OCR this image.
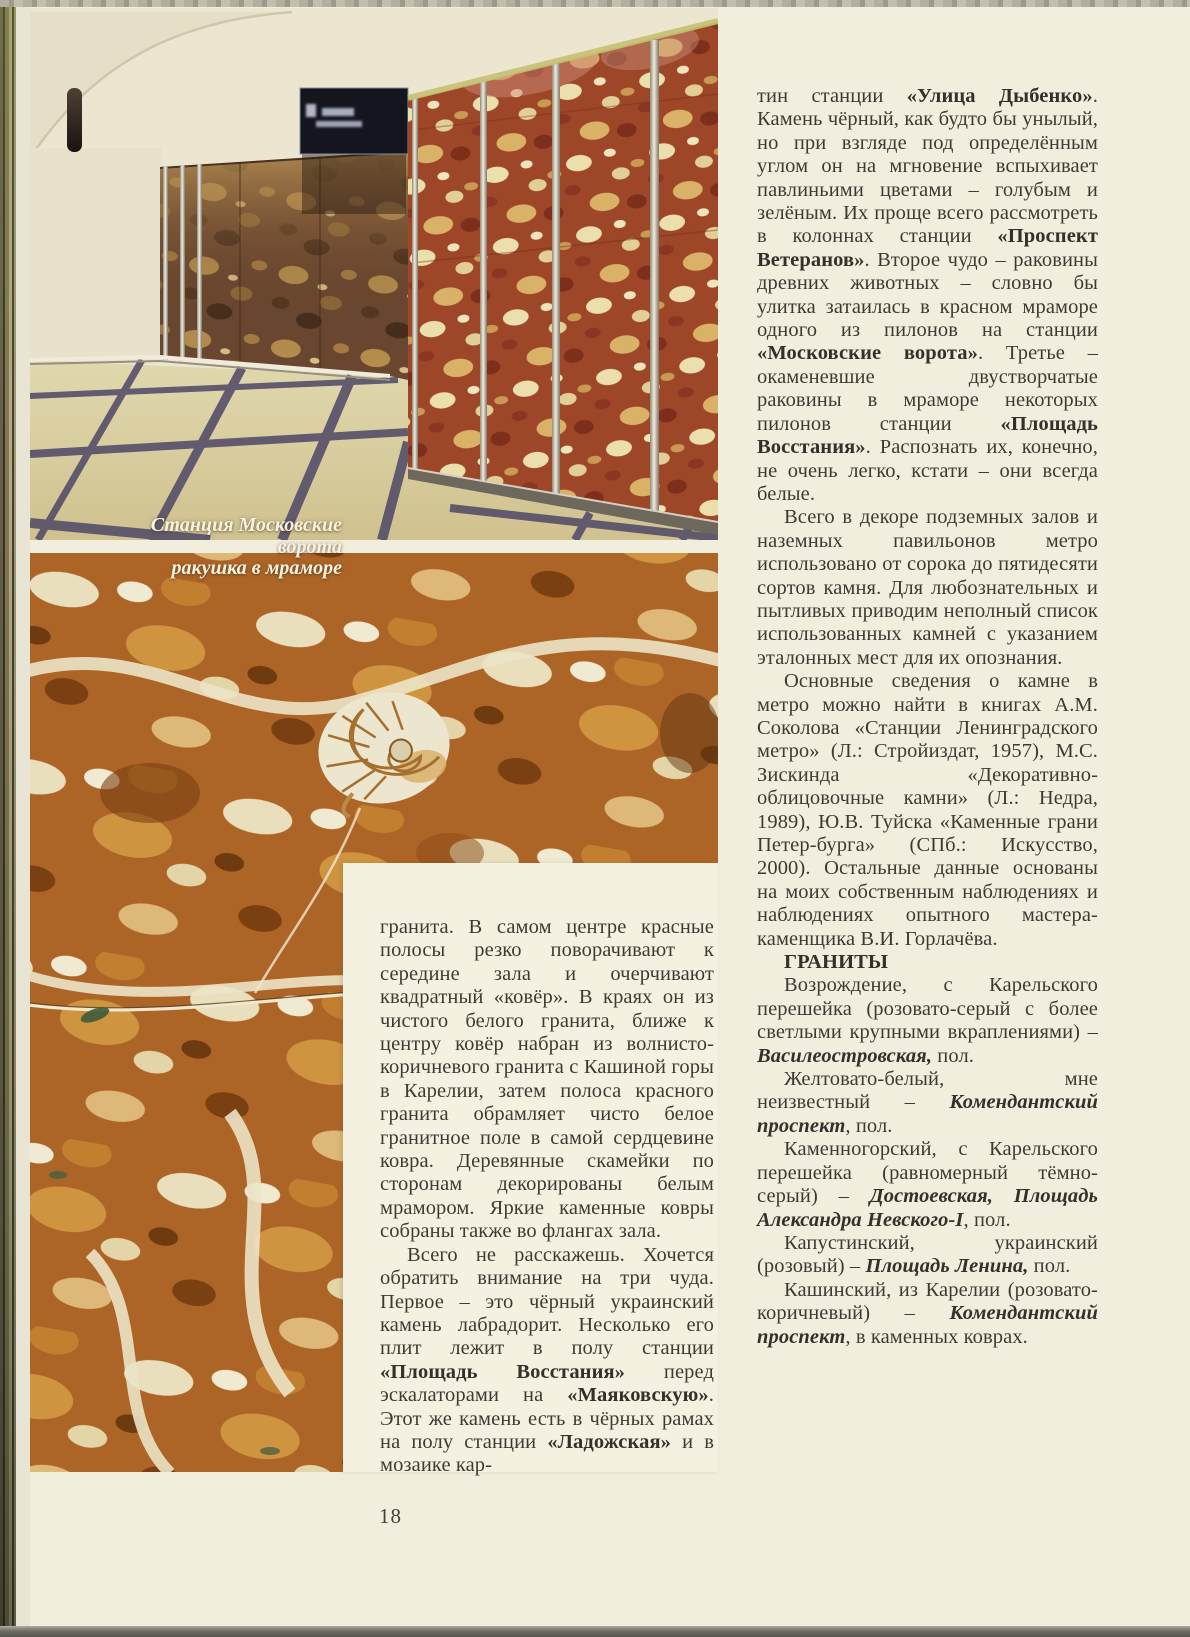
Станция Московские
ворота
ракушка в мраморе

гранита. В самом центре красные полосы резко поворачивают к середине зала и очерчивают квадратный «ковёр». В краях он из чистого белого гранита, ближе к центру ковёр набран из волнисто-коричневого гранита с Кашиной горы в Карелии, затем полоса красного гранита обрамляет чисто белое гранитное поле в самой сердцевине ковра. Деревянные скамейки по сторонам декорированы белым мрамором. Яркие каменные ковры собраны также во флангах зала.

Всего не расскажешь. Хочется обратить внимание на три чуда. Первое – это чёрный украинский камень лабрадорит. Несколько его плит лежит в полу станции «Площадь Восстания» перед эскалаторами на «Маяковскую». Этот же камень есть в чёрных рамах на полу станции «Ладожская» и в мозаике кар-

тин станции «Улица Дыбенко». Камень чёрный, как будто бы унылый, но при взгляде под определённым углом он на мгновение вспыхивает павлиньими цветами – голубым и зелёным. Их проще всего рассмотреть в колоннах станции «Проспект Ветеранов». Второе чудо – раковины древних животных – словно бы улитка затаилась в красном мраморе одного из пилонов на станции «Московские ворота». Третье – окаменевшие двустворчатые раковины в мраморе некоторых пилонов станции «Площадь Восстания». Распознать их, конечно, не очень легко, кстати – они всегда белые.

Всего в декоре подземных залов и наземных павильонов метро использовано от сорока до пятидесяти сортов камня. Для любознательных и пытливых приводим неполный список использованных камней с указанием эталонных мест для их опознания.

Основные сведения о камне в метро можно найти в книгах А.М. Соколова «Станции Ленинградского метро» (Л.: Стройиздат, 1957), М.С. Зискинда «Декоративно-облицовочные камни» (Л.: Недра, 1989), Ю.В. Туйска «Каменные грани Петер-бурга» (СПб.: Искусство, 2000). Остальные данные основаны на моих собственным наблюдениях и наблюдениях опытного мастера-каменщика В.И. Горлачёва.

ГРАНИТЫ

Возрождение, с Карельского перешейка (розовато-серый с более светлыми крупными вкраплениями) – Василеостровская, пол.

Желтовато-белый, мне неизвестный – Комендантский проспект, пол.

Каменногорский, с Карельского перешейка (равномерный тёмно-серый) – Достоевская, Площадь Александра Невского-I, пол.

Капустинский, украинский (розовый) – Площадь Ленина, пол.

Кашинский, из Карелии (розовато-коричневый) – Комендантский проспект, в каменных коврах.

18
